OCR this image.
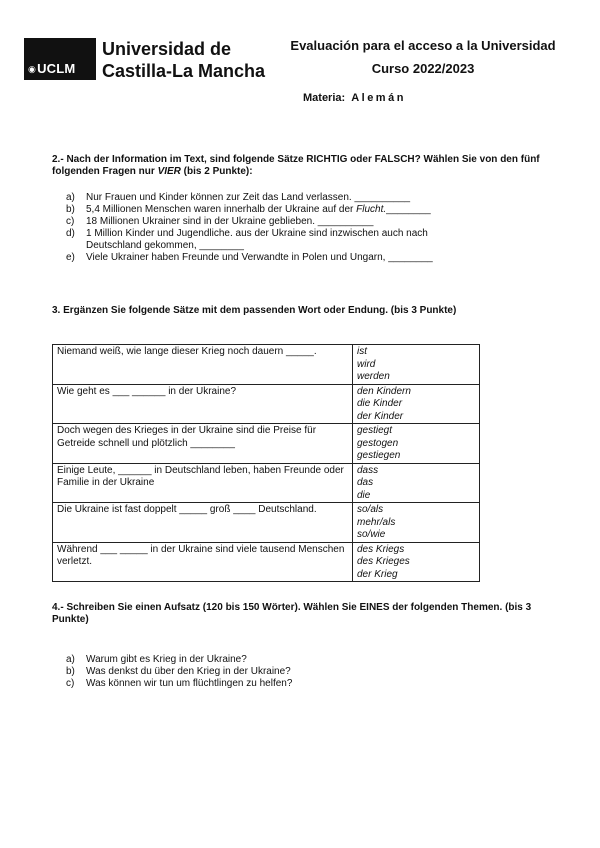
◉UCLM
Universidad de
Castilla-La Mancha
Evaluación para el acceso a la Universidad
Curso 2022/2023
Materia: Alemán
2.- Nach der Information im Text, sind folgende Sätze RICHTIG oder FALSCH? Wählen Sie von den fünf folgenden Fragen nur VIER (bis 2 Punkte):
a)	Nur Frauen und Kinder können zur Zeit das Land verlassen. __________
b)	5,4 Millionen Menschen waren innerhalb der Ukraine auf der Flucht.________
c)	18 Millionen Ukrainer sind in der Ukraine geblieben. __________
d)	1 Million Kinder und Jugendliche. aus der Ukraine sind inzwischen auch nach Deutschland gekommen, ________
e)	Viele Ukrainer haben Freunde und Verwandte in Polen und Ungarn, ________
3. Ergänzen Sie folgende Sätze mit dem passenden Wort oder Endung. (bis 3 Punkte)
Niemand weiß, wie lange dieser Krieg noch dauern _____.	ist
wird
werden

Wie geht es ___ ______ in der Ukraine?	den Kindern
die Kinder
der Kinder

Doch wegen des Krieges in der Ukraine sind die Preise für Getreide schnell und plötzlich ________	gestiegt
gestogen
gestiegen

Einige Leute, ______ in Deutschland leben, haben Freunde oder Familie in der Ukraine	dass
das
die

Die Ukraine ist fast doppelt _____ groß ____ Deutschland.	so/als
mehr/als
so/wie

Während ___ _____ in der Ukraine sind viele tausend Menschen verletzt.	des Kriegs
des Krieges
der Krieg
4.- Schreiben Sie einen Aufsatz (120 bis 150 Wörter). Wählen Sie EINES der folgenden Themen. (bis 3 Punkte)
a)	Warum gibt es Krieg in der Ukraine?
b)	Was denkst du über den Krieg in der Ukraine?
c)	Was können wir tun um flüchtlingen zu helfen?
